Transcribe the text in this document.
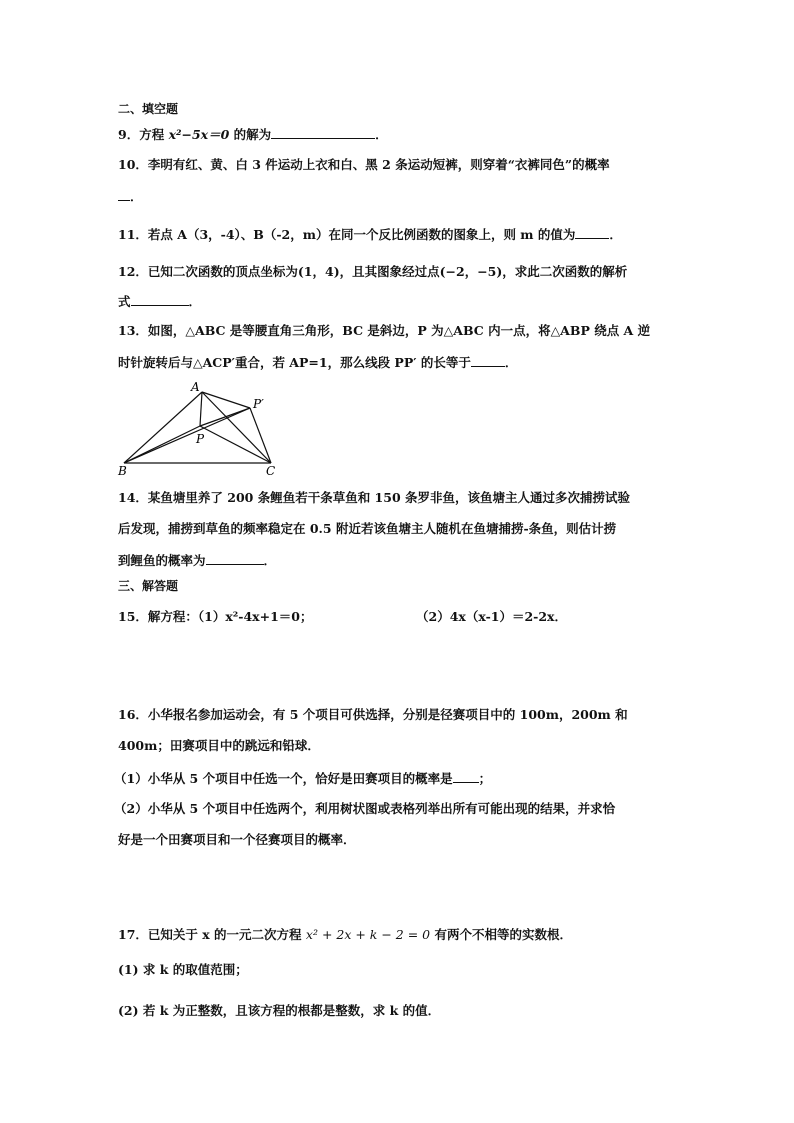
二、填空题
9．方程 x²−5x＝0 的解为	．
10．李明有红、黄、白 3 件运动上衣和白、黑 2 条运动短裤，则穿着“衣裤同色”的概率
．
11．若点 A（3，-4）、B（-2，m）在同一个反比例函数的图象上，则 m 的值为	．
12．已知二次函数的顶点坐标为(1，4)，且其图象经过点(−2，−5)，求此二次函数的解析
式	．
13．如图，△ABC 是等腰直角三角形，BC 是斜边，P 为△ABC 内一点，将△ABP 绕点 A 逆
时针旋转后与△ACP′重合，若 AP=1，那么线段 PP′ 的长等于	．
A
P′
P
B	C
14．某鱼塘里养了 200 条鲤鱼若干条草鱼和 150 条罗非鱼，该鱼塘主人通过多次捕捞试验
后发现，捕捞到草鱼的频率稳定在 0.5 附近若该鱼塘主人随机在鱼塘捕捞-条鱼，则估计捞
到鲤鱼的概率为	．
三、解答题
15．解方程：（1）x²-4x+1＝0；	（2）4x（x-1）＝2-2x．
16．小华报名参加运动会，有 5 个项目可供选择，分别是径赛项目中的 100m，200m 和
400m；田赛项目中的跳远和铅球．
（1）小华从 5 个项目中任选一个，恰好是田赛项目的概率是 ；
（2）小华从 5 个项目中任选两个，利用树状图或表格列举出所有可能出现的结果，并求恰
好是一个田赛项目和一个径赛项目的概率．
17．已知关于 x 的一元二次方程 x² + 2x + k − 2 = 0 有两个不相等的实数根．
(1) 求 k 的取值范围；
(2) 若 k 为正整数，且该方程的根都是整数，求 k 的值．
